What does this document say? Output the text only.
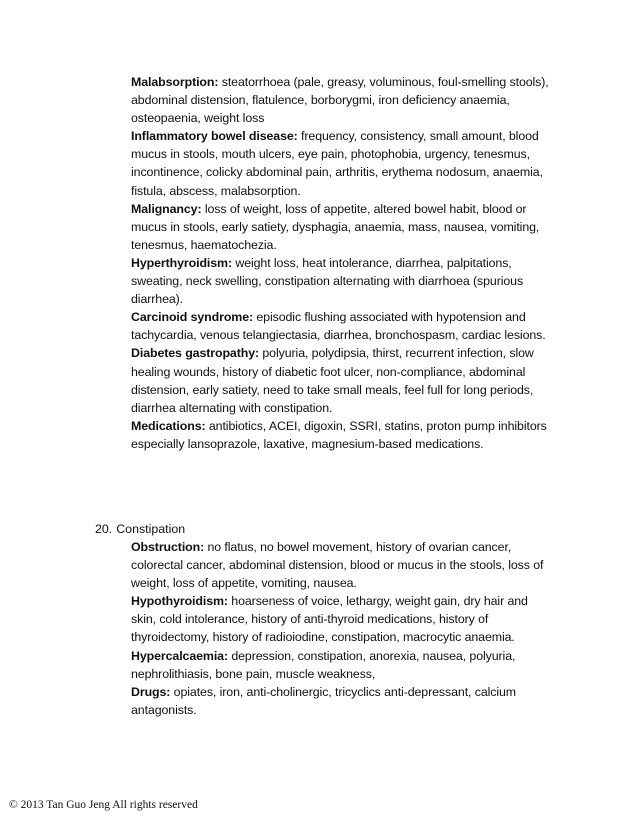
Malabsorption: steatorrhoea (pale, greasy, voluminous, foul-smelling stools), abdominal distension, flatulence, borborygmi, iron deficiency anaemia, osteopaenia, weight loss

Inflammatory bowel disease: frequency, consistency, small amount, blood mucus in stools, mouth ulcers, eye pain, photophobia, urgency, tenesmus, incontinence, colicky abdominal pain, arthritis, erythema nodosum, anaemia, fistula, abscess, malabsorption.

Malignancy: loss of weight, loss of appetite, altered bowel habit, blood or mucus in stools, early satiety, dysphagia, anaemia, mass, nausea, vomiting, tenesmus, haematochezia.

Hyperthyroidism: weight loss, heat intolerance, diarrhea, palpitations, sweating, neck swelling, constipation alternating with diarrhoea (spurious diarrhea).

Carcinoid syndrome: episodic flushing associated with hypotension and tachycardia, venous telangiectasia, diarrhea, bronchospasm, cardiac lesions.

Diabetes gastropathy: polyuria, polydipsia, thirst, recurrent infection, slow healing wounds, history of diabetic foot ulcer, non-compliance, abdominal distension, early satiety, need to take small meals, feel full for long periods, diarrhea alternating with constipation.

Medications: antibiotics, ACEI, digoxin, SSRI, statins, proton pump inhibitors especially lansoprazole, laxative, magnesium-based medications.

20. Constipation

Obstruction: no flatus, no bowel movement, history of ovarian cancer, colorectal cancer, abdominal distension, blood or mucus in the stools, loss of weight, loss of appetite, vomiting, nausea.

Hypothyroidism: hoarseness of voice, lethargy, weight gain, dry hair and skin, cold intolerance, history of anti-thyroid medications, history of thyroidectomy, history of radioiodine, constipation, macrocytic anaemia.

Hypercalcaemia: depression, constipation, anorexia, nausea, polyuria, nephrolithiasis, bone pain, muscle weakness,

Drugs: opiates, iron, anti-cholinergic, tricyclics anti-depressant, calcium antagonists.

© 2013 Tan Guo Jeng All rights reserved
